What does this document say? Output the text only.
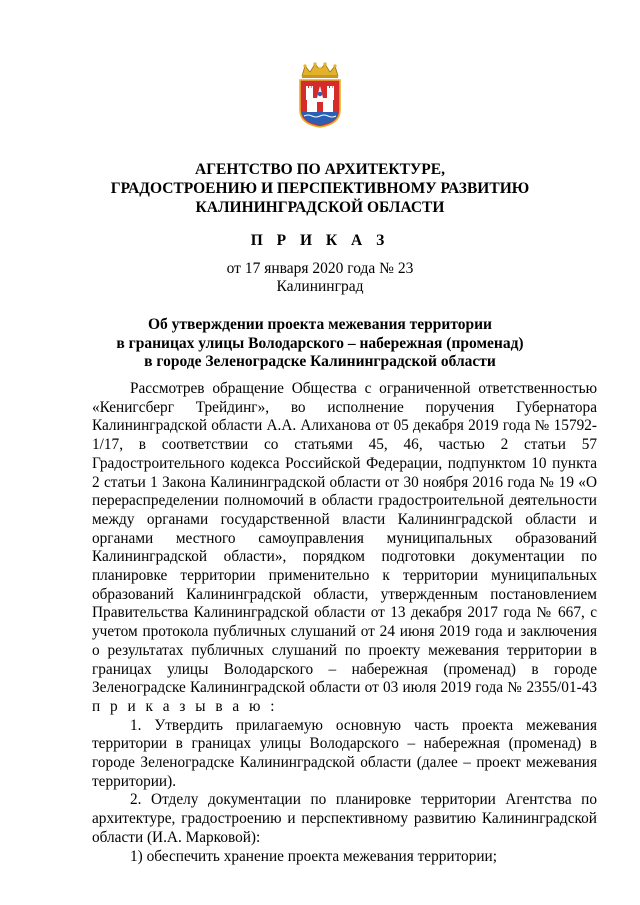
АГЕНТСТВО ПО АРХИТЕКТУРЕ,
ГРАДОСТРОЕНИЮ И ПЕРСПЕКТИВНОМУ РАЗВИТИЮ
КАЛИНИНГРАДСКОЙ ОБЛАСТИ
П Р И К А З
от 17 января 2020 года № 23
Калининград
Об утверждении проекта межевания территории
в границах улицы Володарского – набережная (променад)
в городе Зеленоградске Калининградской области

Рассмотрев обращение Общества с ограниченной ответственностью «Кенигсберг Трейдинг», во исполнение поручения Губернатора Калининградской области А.А. Алиханова от 05 декабря 2019 года № 15792-1/17, в соответствии со статьями 45, 46, частью 2 статьи 57 Градостроительного кодекса Российской Федерации, подпунктом 10 пункта 2 статьи 1 Закона Калининградской области от 30 ноября 2016 года № 19 «О перераспределении полномочий в области градостроительной деятельности между органами государственной власти Калининградской области и органами местного самоуправления муниципальных образований Калининградской области», порядком подготовки документации по планировке территории применительно к территории муниципальных образований Калининградской области, утвержденным постановлением Правительства Калининградской области от 13 декабря 2017 года № 667, с учетом протокола публичных слушаний от 24 июня 2019 года и заключения о результатах публичных слушаний по проекту межевания территории в границах улицы Володарского – набережная (променад) в городе Зеленоградске Калининградской области от 03 июля 2019 года № 2355/01-43 п р и к а з ы в а ю :

1. Утвердить прилагаемую основную часть проекта межевания территории в границах улицы Володарского – набережная (променад) в городе Зеленоградске Калининградской области (далее – проект межевания территории).

2. Отделу документации по планировке территории Агентства по архитектуре, градостроению и перспективному развитию Калининградской области (И.А. Марковой):

1) обеспечить хранение проекта межевания территории;
